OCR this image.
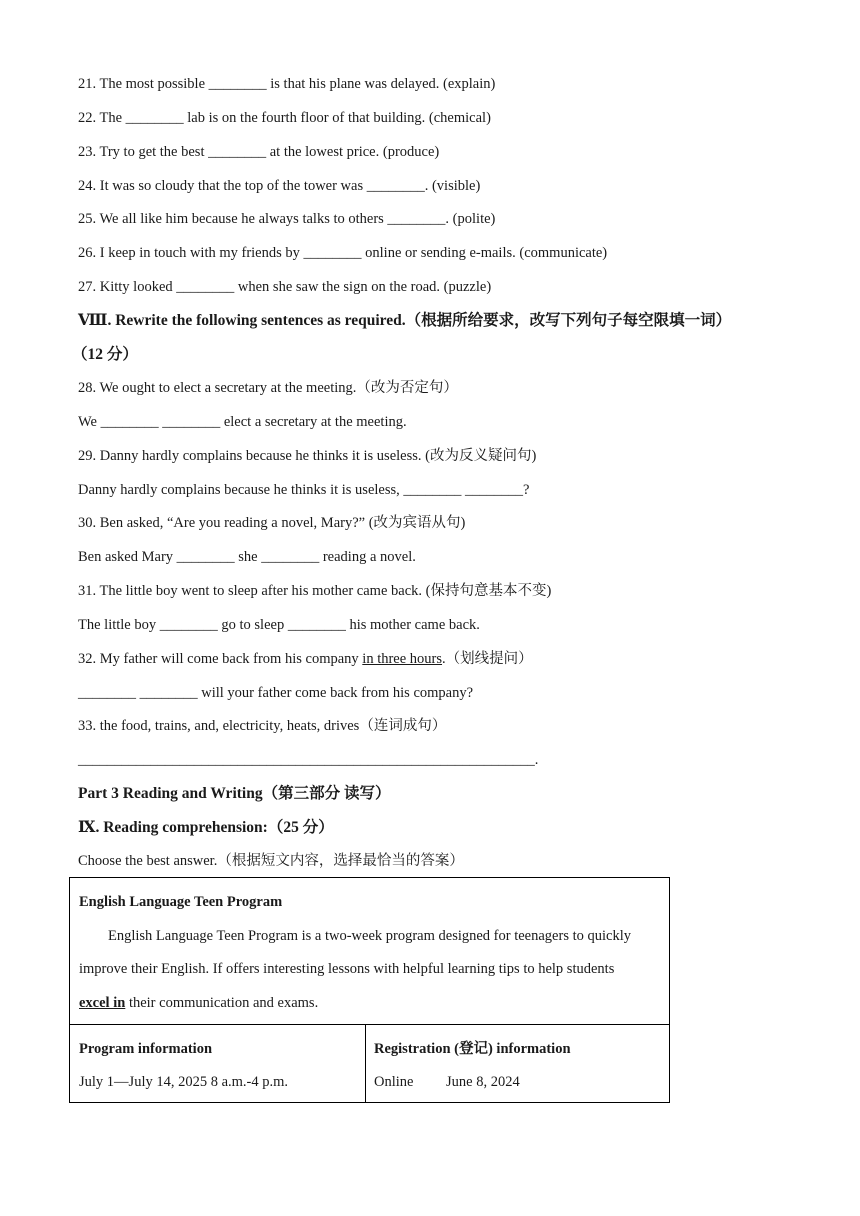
21. The most possible ________ is that his plane was delayed. (explain)
22. The ________ lab is on the fourth floor of that building. (chemical)
23. Try to get the best ________ at the lowest price. (produce)
24. It was so cloudy that the top of the tower was ________. (visible)
25. We all like him because he always talks to others ________. (polite)
26. I keep in touch with my friends by ________ online or sending e-mails. (communicate)
27. Kitty looked ________ when she saw the sign on the road. (puzzle)
Ⅷ. Rewrite the following sentences as required.（根据所给要求，改写下列句子每空限填一词）
（12 分）
28. We ought to elect a secretary at the meeting.（改为否定句）
We ________ ________ elect a secretary at the meeting.
29. Danny hardly complains because he thinks it is useless. (改为反义疑问句)
Danny hardly complains because he thinks it is useless, ________ ________?
30. Ben asked, “Are you reading a novel, Mary?” (改为宾语从句)
Ben asked Mary ________ she ________ reading a novel.
31. The little boy went to sleep after his mother came back. (保持句意基本不变)
The little boy ________ go to sleep ________ his mother came back.
32. My father will come back from his company in three hours.（划线提问）
________ ________ will your father come back from his company?
33. the food, trains, and, electricity, heats, drives（连词成句）
_______________________________________________________________.
Part 3 Reading and Writing（第三部分 读写）
Ⅸ. Reading comprehension:（25 分）
Choose the best answer.（根据短文内容，选择最恰当的答案）
English Language Teen Program
English Language Teen Program is a two-week program designed for teenagers to quickly
improve their English. If offers interesting lessons with helpful learning tips to help students
excel in their communication and exams.
Program information
July 1—July 14, 2025 8 a.m.-4 p.m.
Registration (登记) information
Online June 8, 2024
